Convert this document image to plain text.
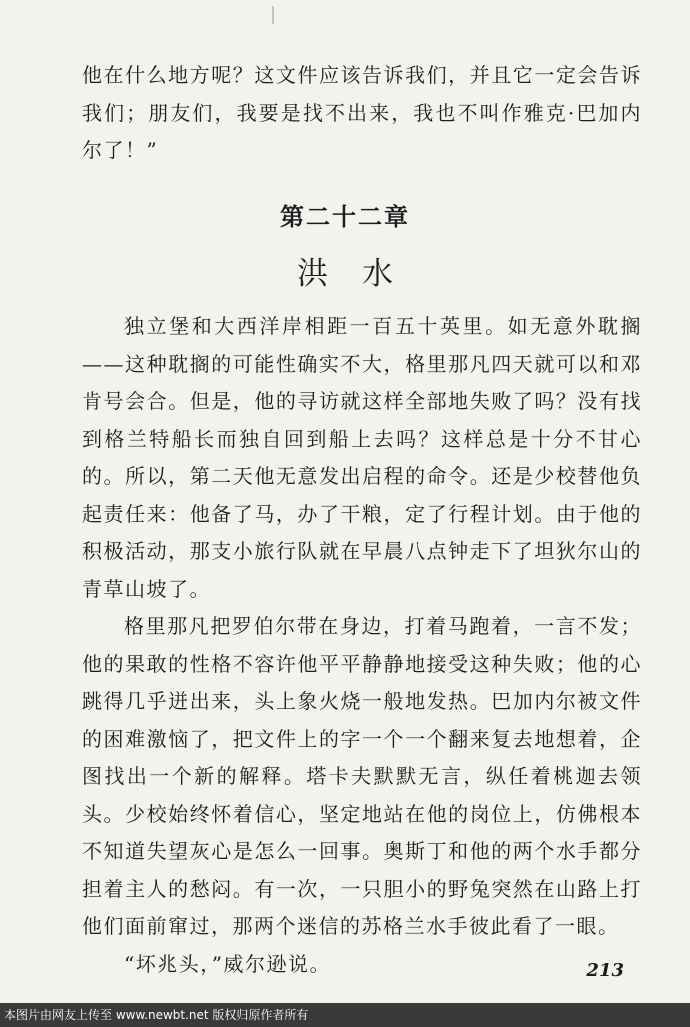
他在什么地方呢？这文件应该告诉我们，并且它一定会告诉我们；朋友们，我要是找不出来，我也不叫作雅克·巴加内尔了！”

第二十二章
洪水

独立堡和大西洋岸相距一百五十英里。如无意外耽搁——这种耽搁的可能性确实不大，格里那凡四天就可以和邓肯号会合。但是，他的寻访就这样全部地失败了吗？没有找到格兰特船长而独自回到船上去吗？这样总是十分不甘心的。所以，第二天他无意发出启程的命令。还是少校替他负起责任来：他备了马，办了干粮，定了行程计划。由于他的积极活动，那支小旅行队就在早晨八点钟走下了坦狄尔山的青草山坡了。

格里那凡把罗伯尔带在身边，打着马跑着，一言不发；他的果敢的性格不容许他平平静静地接受这种失败；他的心跳得几乎迸出来，头上象火烧一般地发热。巴加内尔被文件的困难激恼了，把文件上的字一个一个翻来复去地想着，企图找出一个新的解释。塔卡夫默默无言，纵任着桃迦去领头。少校始终怀着信心，坚定地站在他的岗位上，仿佛根本不知道失望灰心是怎么一回事。奥斯丁和他的两个水手都分担着主人的愁闷。有一次，一只胆小的野兔突然在山路上打他们面前窜过，那两个迷信的苏格兰水手彼此看了一眼。

“坏兆头，”威尔逊说。	213
本图片由网友上传至 www.newbt.net 版权归原作者所有
